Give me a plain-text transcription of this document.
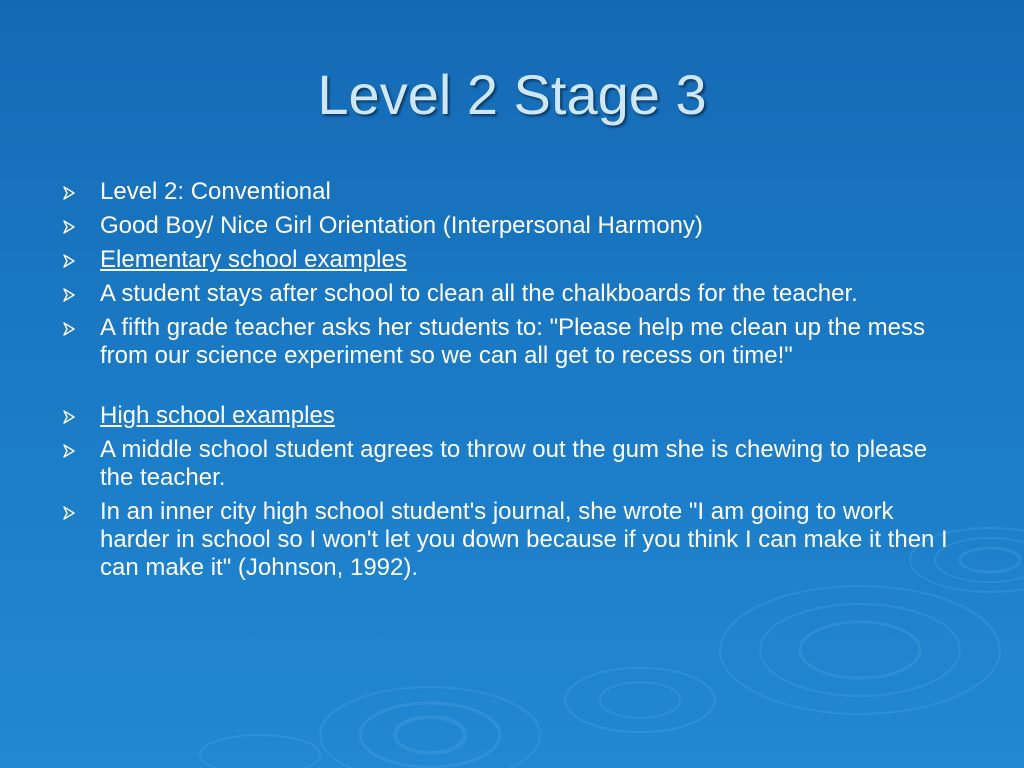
Level 2 Stage 3
Level 2: Conventional
Good Boy/ Nice Girl Orientation (Interpersonal Harmony)
Elementary school examples
A student stays after school to clean all the chalkboards for the teacher.
A fifth grade teacher asks her students to: "Please help me clean up the mess from our science experiment so we can all get to recess on time!"
High school examples
A middle school student agrees to throw out the gum she is chewing to please the teacher.
In an inner city high school student's journal, she wrote "I am going to work harder in school so I won't let you down because if you think I can make it then I can make it" (Johnson, 1992).
